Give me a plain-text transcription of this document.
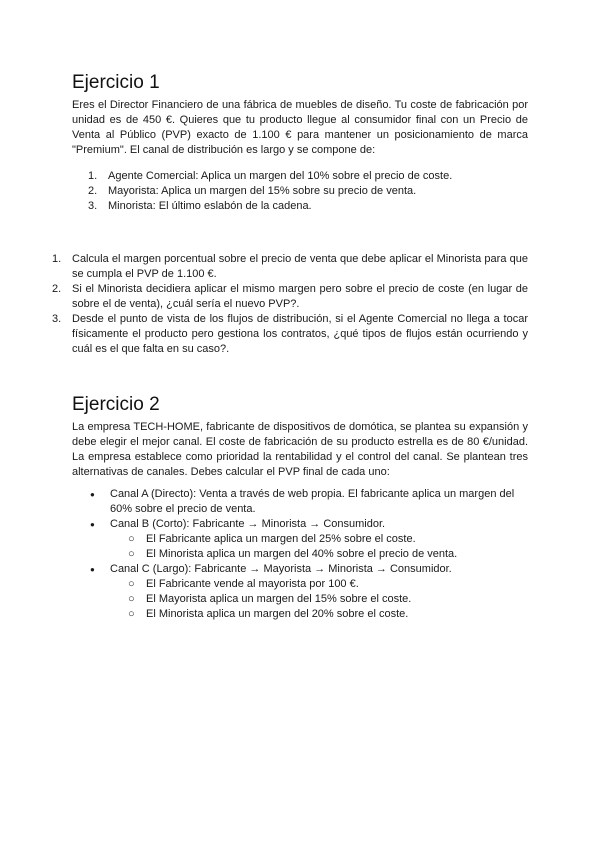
Ejercicio 1

Eres el Director Financiero de una fábrica de muebles de diseño. Tu coste de fabricación por unidad es de 450 €. Quieres que tu producto llegue al consumidor final con un Precio de Venta al Público (PVP) exacto de 1.100 € para mantener un posicionamiento de marca "Premium". El canal de distribución es largo y se compone de:

1. Agente Comercial: Aplica un margen del 10% sobre el precio de coste.
2. Mayorista: Aplica un margen del 15% sobre su precio de venta.
3. Minorista: El último eslabón de la cadena.
1. Calcula el margen porcentual sobre el precio de venta que debe aplicar el Minorista para que se cumpla el PVP de 1.100 €.
2. Si el Minorista decidiera aplicar el mismo margen pero sobre el precio de coste (en lugar de sobre el de venta), ¿cuál sería el nuevo PVP?.
3. Desde el punto de vista de los flujos de distribución, si el Agente Comercial no llega a tocar físicamente el producto pero gestiona los contratos, ¿qué tipos de flujos están ocurriendo y cuál es el que falta en su caso?.
Ejercicio 2

La empresa TECH-HOME, fabricante de dispositivos de domótica, se plantea su expansión y debe elegir el mejor canal. El coste de fabricación de su producto estrella es de 80 €/unidad. La empresa establece como prioridad la rentabilidad y el control del canal. Se plantean tres alternativas de canales. Debes calcular el PVP final de cada uno:

● Canal A (Directo): Venta a través de web propia. El fabricante aplica un margen del 60% sobre el precio de venta.
● Canal B (Corto): Fabricante → Minorista → Consumidor.
○ El Fabricante aplica un margen del 25% sobre el coste.
○ El Minorista aplica un margen del 40% sobre el precio de venta.
● Canal C (Largo): Fabricante → Mayorista → Minorista → Consumidor.
○ El Fabricante vende al mayorista por 100 €.
○ El Mayorista aplica un margen del 15% sobre el coste.
○ El Minorista aplica un margen del 20% sobre el coste.
